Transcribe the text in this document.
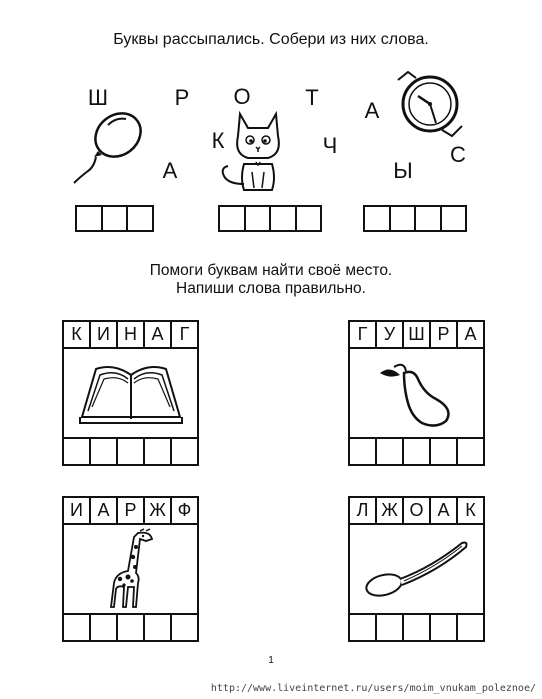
Буквы рассыпались. Собери из них слова.
Ш	Р
А
О Т
К	Ч
А
Ы
С
Помоги буквам найти своё место.
Напиши слова правильно.
К И Н А Г	Г У Ш Р А
И А Р Ж Ф	Л Ж О А К
1
http://www.liveinternet.ru/users/moim_vnukam_poleznoe/
